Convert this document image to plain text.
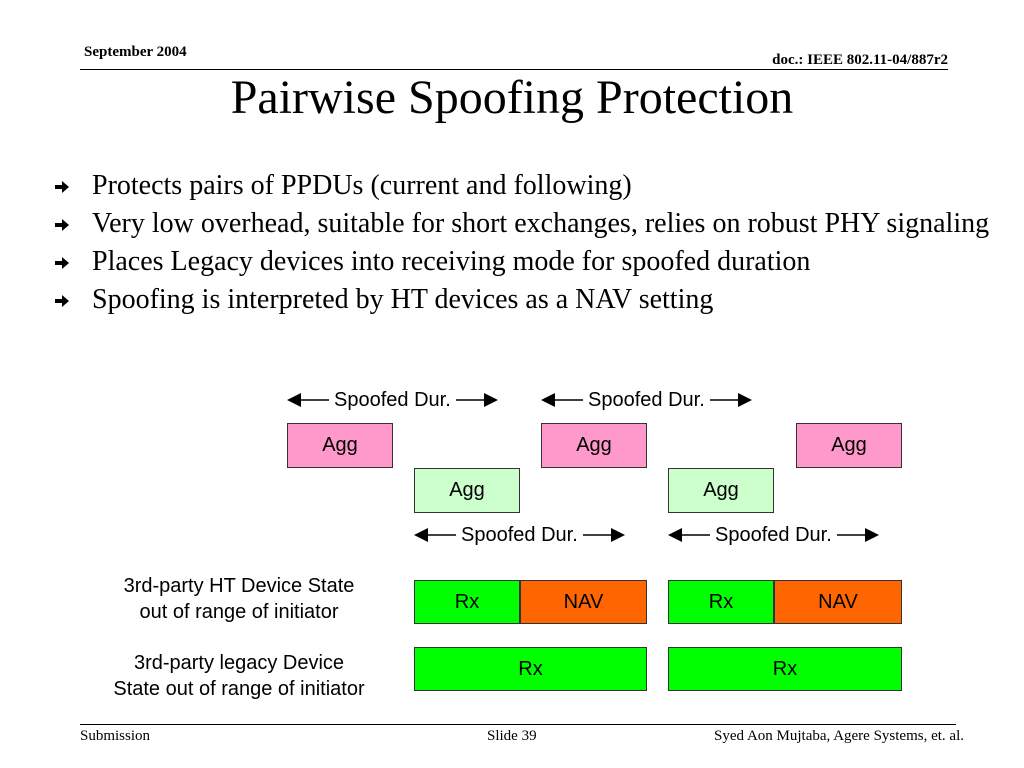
September 2004	doc.: IEEE 802.11-04/887r2
Pairwise Spoofing Protection
Protects pairs of PPDUs (current and following)
Very low overhead, suitable for short exchanges, relies on robust PHY signaling
Places Legacy devices into receiving mode for spoofed duration
Spoofing is interpreted by HT devices as a NAV setting
Spoofed Dur.	Spoofed Dur.
Agg	Agg	Agg
Agg	Agg
Spoofed Dur.	Spoofed Dur.
3rd-party HT Device State
out of range of initiator	Rx	NAV	Rx	NAV
3rd-party legacy Device
State out of range of initiator
Rx	Rx
Submission	Slide 39	Syed Aon Mujtaba, Agere Systems, et. al.
